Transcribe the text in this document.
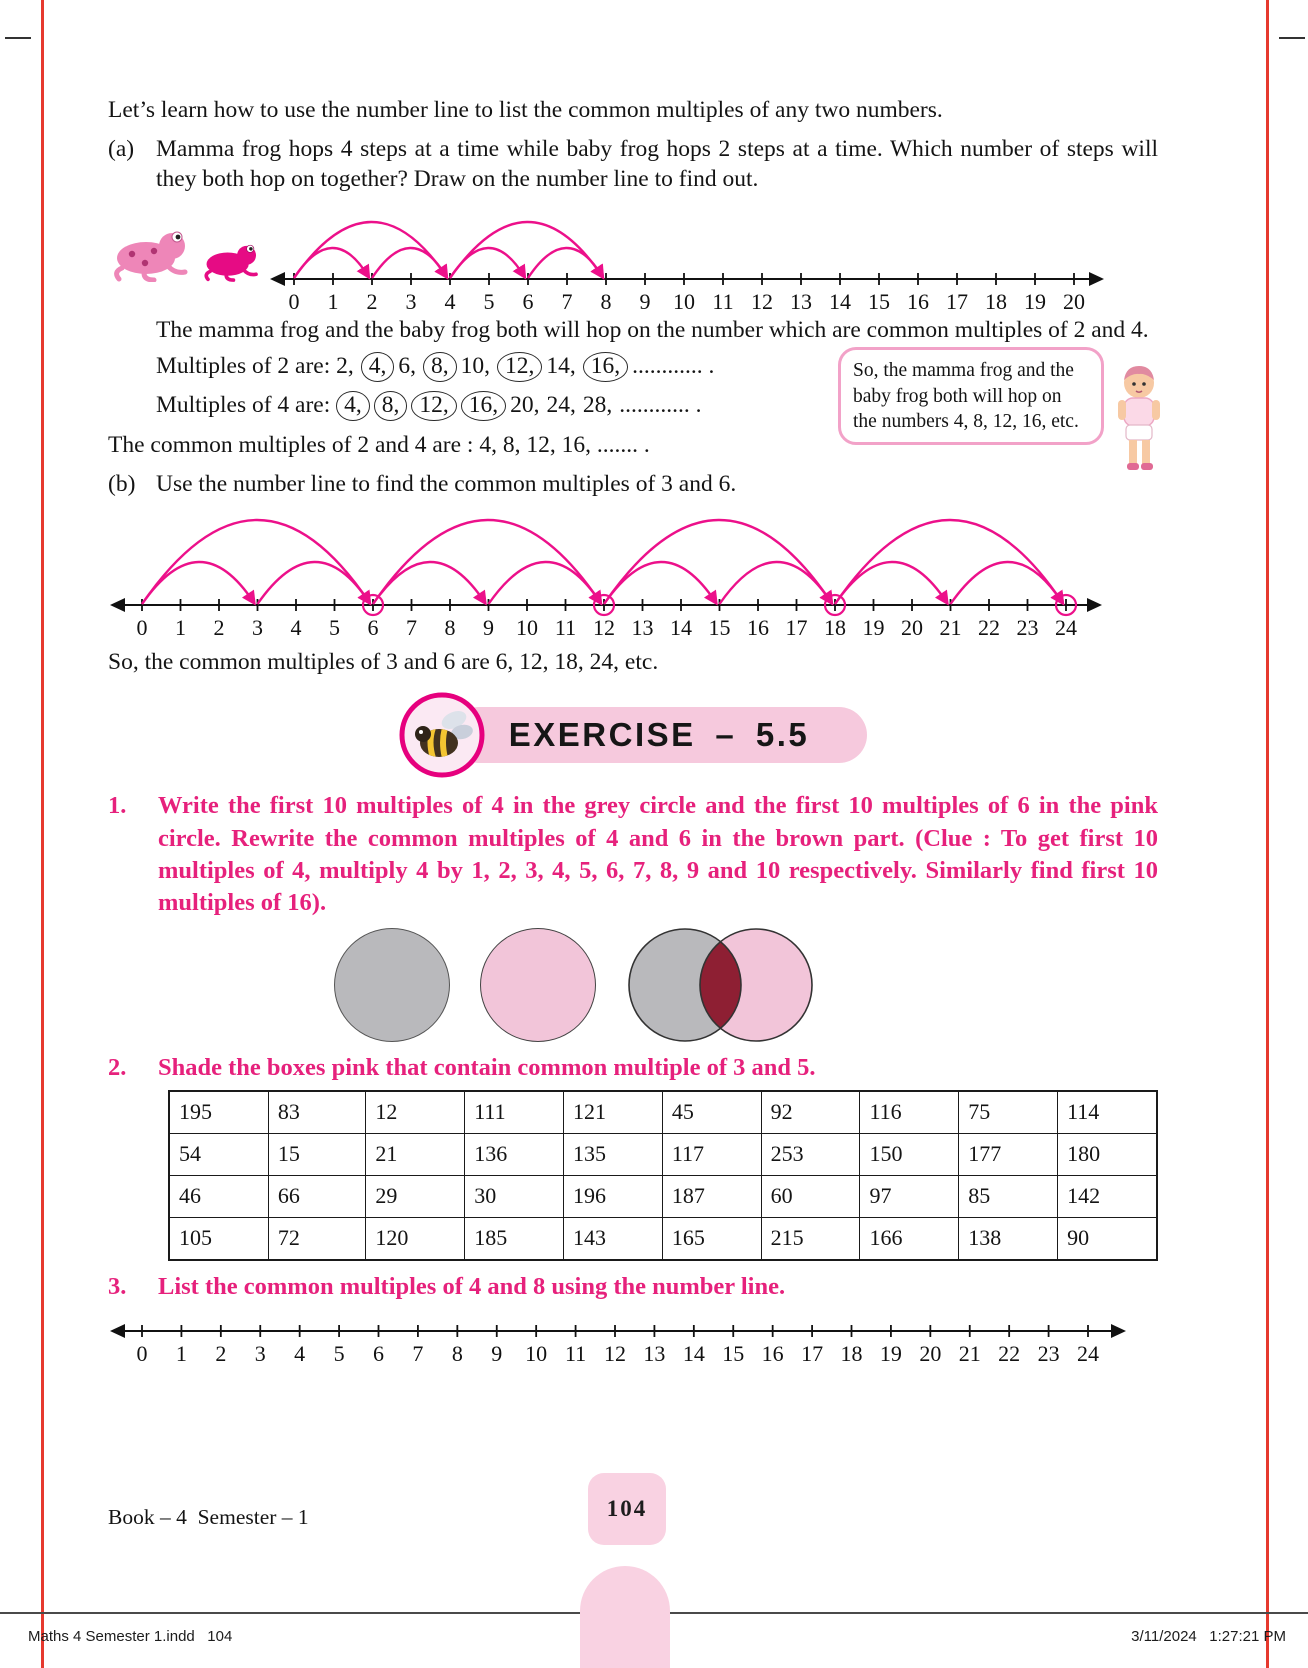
Let’s learn how to use the number line to list the common multiples of any two numbers.

(a) Mamma frog hops 4 steps at a time while baby frog hops 2 steps at a time. Which number of steps will they both hop on together? Draw on the number line to find out.

0 1 2 3 4 5 6 7 8 9 10 11 12 13 14 15 16 17 18 19 20

The mamma frog and the baby frog both will hop on the number which are common multiples of 2 and 4.

Multiples of 2 are: 2, 4, 6, 8, 10, 12, 14, 16, ............ .

Multiples of 4 are: 4, 8, 12, 16, 20, 24, 28, ............ .

The common multiples of 2 and 4 are : 4, 8, 12, 16, ....... .

So, the mamma frog and the baby frog both will hop on the numbers 4, 8, 12, 16, etc.
(b) Use the number line to find the common multiples of 3 and 6.

0 1 2 3 4 5 6 7 8 9 10 11 12 13 14 15 16 17 18 19 20 21 22 23 24

So, the common multiples of 3 and 6 are 6, 12, 18, 24, etc.

EXERCISE – 5.5
1.	Write the first 10 multiples of 4 in the grey circle and the first 10 multiples of 6 in the pink circle. Rewrite the common multiples of 4 and 6 in the brown part. (Clue : To get first 10 multiples of 4, multiply 4 by 1, 2, 3, 4, 5, 6, 7, 8, 9 and 10 respectively. Similarly find first 10 multiples of 16).

2.	Shade the boxes pink that contain common multiple of 3 and 5.

195	83	12	111	121	45	92	116	75	114
54	15	21	136	135	117	253	150	177	180
46	66	29	30	196	187	60	97	85	142
105	72	120	185	143	165	215	166	138	90
3.	List the common multiples of 4 and 8 using the number line.

0 1 2 3 4 5 6 7 8 9 10 11 12 13 14 15 16 17 18 19 20 21 22 23 24

Book – 4  Semester – 1	104
Maths 4 Semester 1.indd   104	3/11/2024   1:27:21 PM
